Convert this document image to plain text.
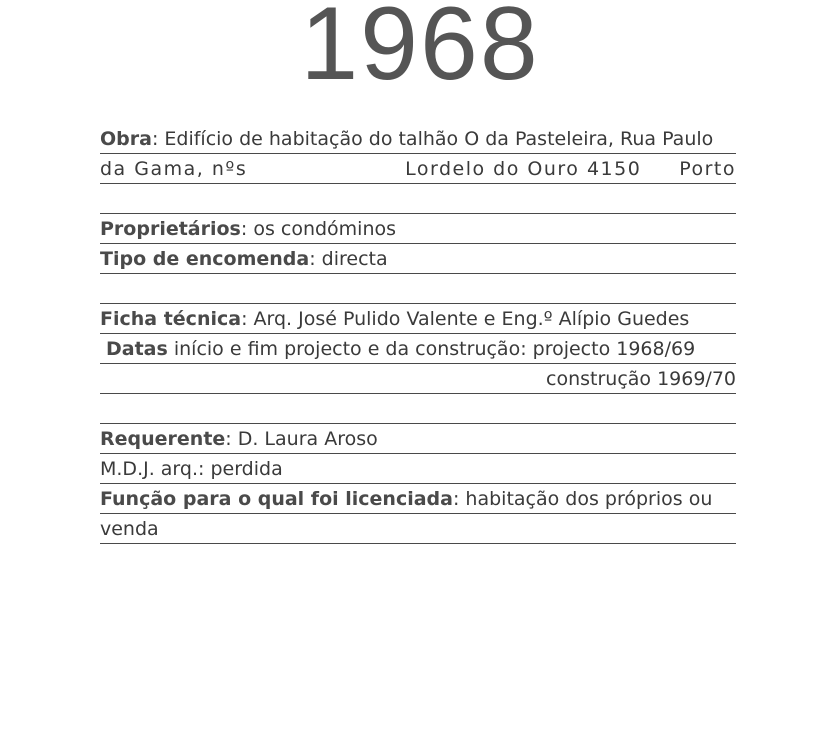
1968
Obra: Edifício de habitação do talhão O da Pasteleira, Rua Paulo
da Gama, nºs	Lordelo do Ouro 4150 Porto
Proprietários: os condóminos
Tipo de encomenda: directa
Ficha técnica: Arq. José Pulido Valente e Eng.º Alípio Guedes
Datas início e fim projecto e da construção: projecto 1968/69
construção 1969/70
Requerente: D. Laura Aroso
M.D.J. arq.: perdida
Função para o qual foi licenciada: habitação dos próprios ou
venda
